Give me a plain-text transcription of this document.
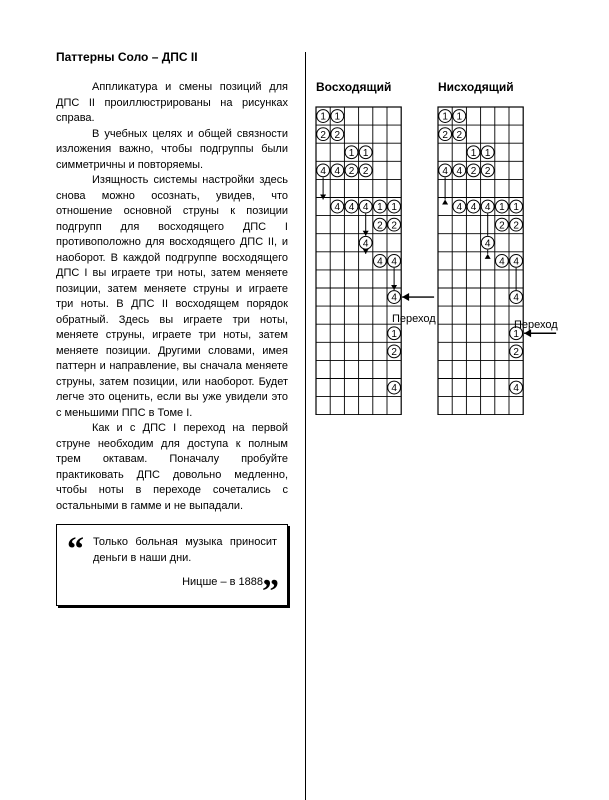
Паттерны Соло – ДПС II

Аппликатура и смены позиций для ДПС II проиллюстрированы на рисунках справа.

В учебных целях и общей связности изложения важно, чтобы подгруппы были симметричны и повторяемы.

Изящность системы настройки здесь снова можно осознать, увидев, что отношение основной струны к позиции подгрупп для восходящего ДПС I противоположно для восходящего ДПС II, и наоборот. В каждой подгруппе восходящего ДПС I вы играете три ноты, затем меняете позиции, затем меняете струны и играете три ноты. В ДПС II восходящем порядок обратный. Здесь вы играете три ноты, меняете струны, играете три ноты, затем меняете позиции. Другими словами, имея паттерн и направление, вы сначала меняете струны, затем позиции, или наоборот. Будет легче это оценить, если вы уже увидели это с меньшими ППС в Томе I.

Как и с ДПС I переход на первой струне необходим для доступа к полным трем октавам. Поначалу пробуйте практиковать ДПС довольно медленно, чтобы ноты в переходе сочетались с остальными в гамме и не выпадали.

“ Только больная музыка приносит деньги в наши дни.
Ницше – в 1888 ”
Восходящий
1 1
2 2
1 1
4 4 2 2
4 4 4 1 1
2 2
4
4 4
4
1
2
4
Переход
Нисходящий
1 1
2 2
1 1
4 4 2 2
4 4 4 1 1
2 2
4
4 4
4
1
2
4
Переход
